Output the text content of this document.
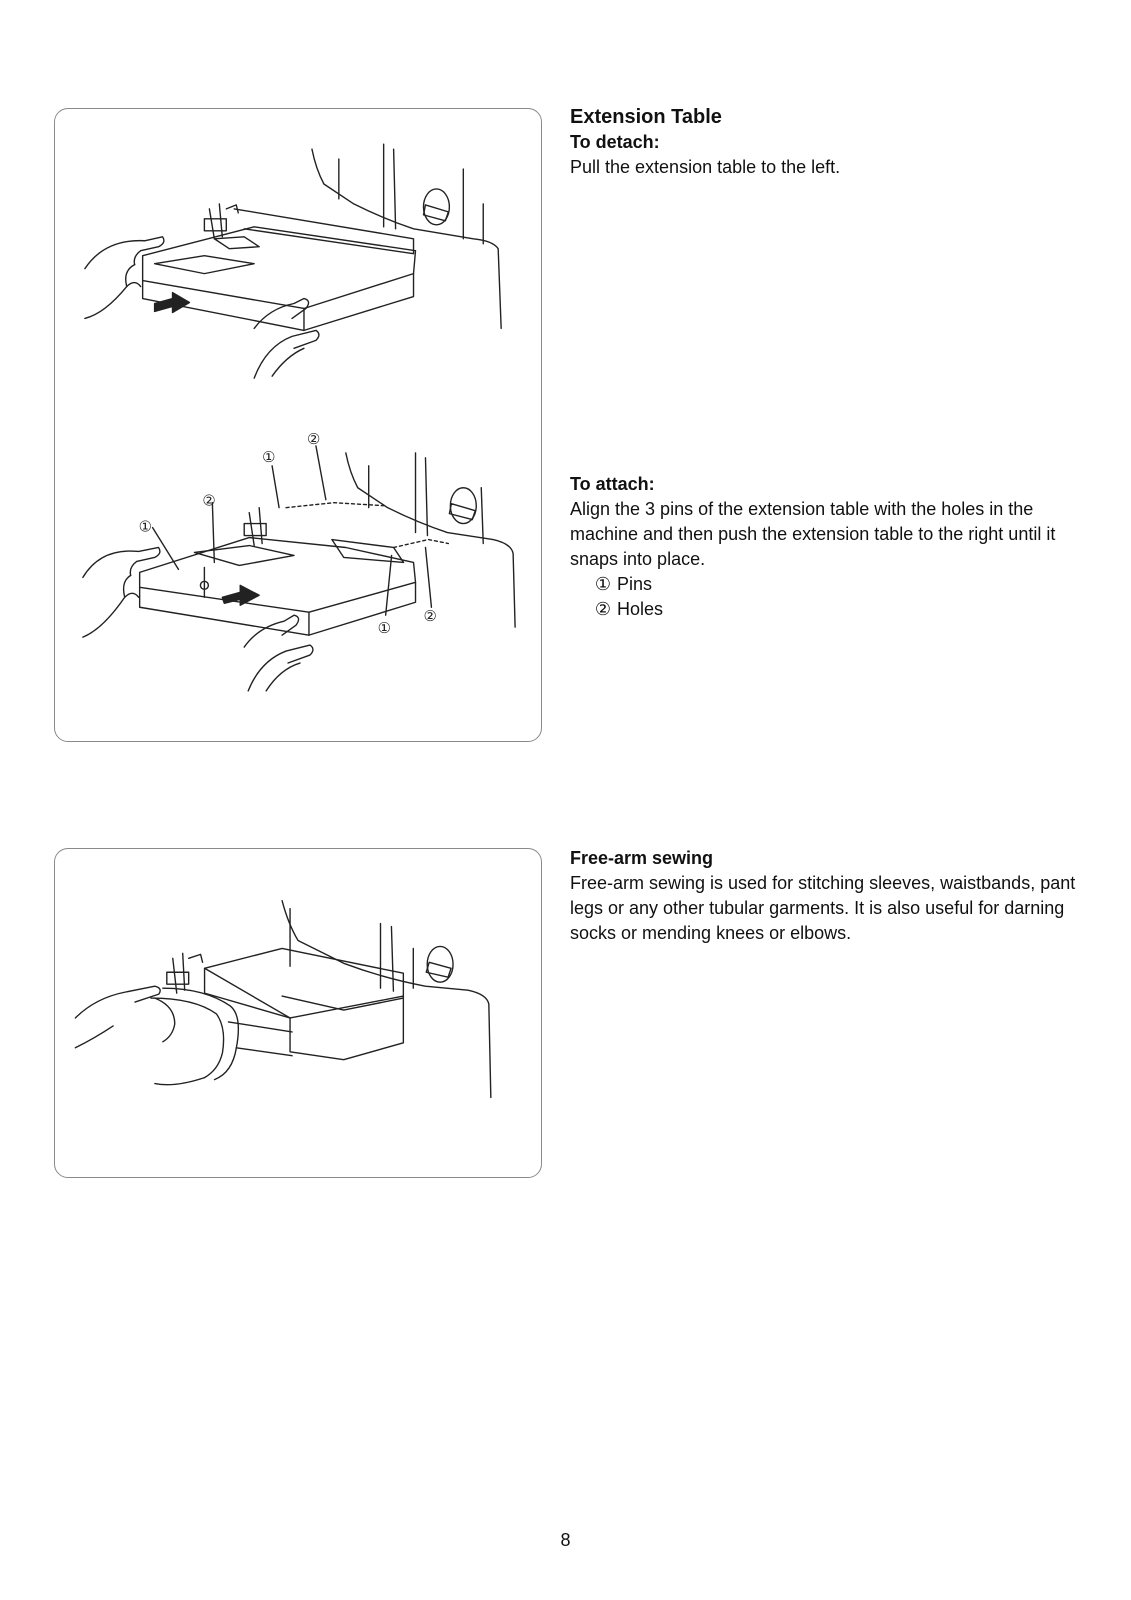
①
②
①
②
①
②
Extension Table
To detach:
Pull the extension table to the left.
To attach:
Align the 3 pins of the extension table with the holes in the machine and then push the extension table to the right until it snaps into place.
① Pins
② Holes
Free-arm sewing
Free-arm sewing is used for stitching sleeves, waistbands, pant legs or any other tubular garments. It is also useful for darning socks or mending knees or elbows.
8
